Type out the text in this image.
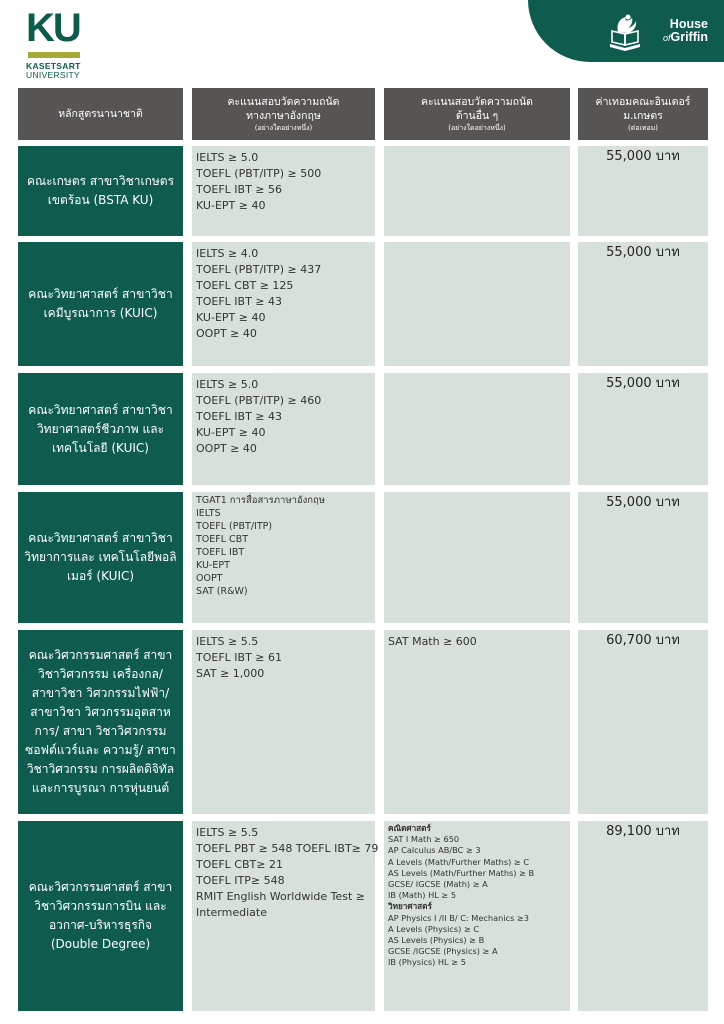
KU
KASETSART
UNIVERSITY
House
ofGriffin
หลักสูตรนานาชาติ
คะแนนสอบวัดความถนัด ทางภาษาอังกฤษ
(อย่างใดอย่างหนึ่ง)
คะแนนสอบวัดความถนัด ด้านอื่น ๆ
(อย่างใดอย่างหนึ่ง)
ค่าเทอมคณะอินเตอร์ ม.เกษตร
(ต่อเทอม)
คณะเกษตร สาขาวิชาเกษตรเขตร้อน (BSTA KU)
IELTS ≥ 5.0
TOEFL (PBT/ITP) ≥ 500
TOEFL IBT ≥ 56
KU-EPT ≥ 40
55,000 บาท
คณะวิทยาศาสตร์ สาขาวิชาเคมีบูรณาการ (KUIC)
IELTS ≥ 4.0
TOEFL (PBT/ITP) ≥ 437
TOEFL CBT ≥ 125
TOEFL IBT ≥ 43
KU-EPT ≥ 40
OOPT ≥ 40
55,000 บาท
คณะวิทยาศาสตร์ สาขาวิชาวิทยาศาสตร์ชีวภาพ และเทคโนโลยี (KUIC)
IELTS ≥ 5.0
TOEFL (PBT/ITP) ≥ 460
TOEFL IBT ≥ 43
KU-EPT ≥ 40
OOPT ≥ 40
55,000 บาท
คณะวิทยาศาสตร์ สาขาวิชาวิทยาการและ เทคโนโลยีพอลิเมอร์ (KUIC)
TGAT1 การสื่อสารภาษาอังกฤษ
IELTS
TOEFL (PBT/ITP)
TOEFL CBT
TOEFL IBT
KU-EPT
OOPT
SAT (R&W)
55,000 บาท
คณะวิศวกรรมศาสตร์ สาขาวิชาวิศวกรรม เครื่องกล/ สาขาวิชา วิศวกรรมไฟฟ้า/ สาขาวิชา วิศวกรรมอุตสาหการ/ สาขา วิชาวิศวกรรมซอฟต์แวร์และ ความรู้/ สาขาวิชาวิศวกรรม การผลิตดิจิทัลและการบูรณา การหุ่นยนต์
IELTS ≥ 5.5
TOEFL IBT ≥ 61
SAT ≥ 1,000
SAT Math ≥ 600	60,700 บาท
คณะวิศวกรรมศาสตร์ สาขาวิชาวิศวกรรมการบิน และอวกาศ-บริหารธุรกิจ (Double Degree)
IELTS ≥ 5.5
TOEFL PBT ≥ 548 TOEFL IBT≥ 79
TOEFL CBT≥ 21
TOEFL ITP≥ 548
RMIT English Worldwide Test ≥ Intermediate
คณิตศาสตร์
SAT I Math ≥ 650
AP Calculus AB/BC ≥ 3
A Levels (Math/Further Maths) ≥ C
AS Levels (Math/Further Maths) ≥ B
GCSE/ IGCSE (Math) ≥ A
IB (Math) HL ≥ 5
วิทยาศาสตร์
AP Physics I /II B/ C: Mechanics ≥3
A Levels (Physics) ≥ C
AS Levels (Physics) ≥ B
GCSE /IGCSE (Physics) ≥ A
IB (Physics) HL ≥ 5
89,100 บาท
